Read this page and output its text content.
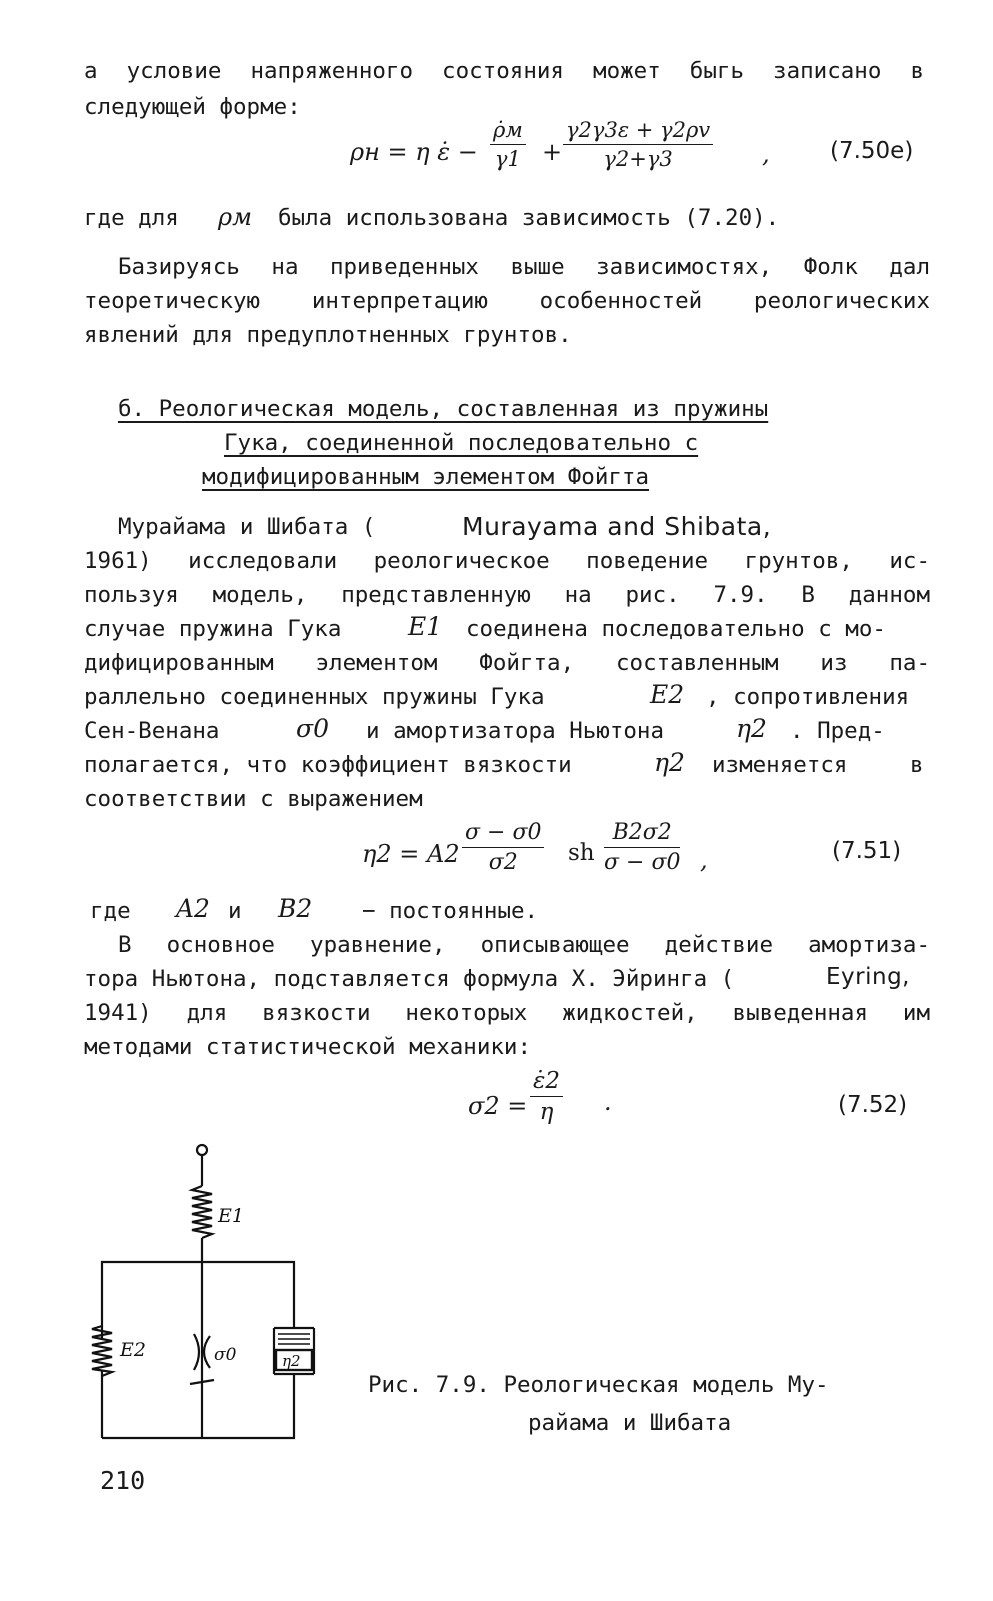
а условие напряженного состояния может быгь записано в
следующей форме:
ρн = η ε̇ −
ρ̇м
$\gamma 1 + \frac{\gamma 2\gamma 3\varepsilon + \gamma 2\rho v}{\gamma 2+\gamma 3}$ ,	(7.50е)
где для ρм была использована зависимость (7.20).
Базируясь на приведенных выше зависимостях, Фолк дал
теоретическую интерпретацию особенностей реологических
явлений для предуплотненных грунтов.
б. Реологическая модель, составленная из пружины
Гука, соединенной последовательно с
модифицированным элементом Фойгта
Мурайама и Шибата (	Murayama and Shibata,
1961) исследовали реологическое поведение грунтов, ис-
пользуя модель, представленную на рис. 7.9. В данном
случае пружина Гука	E1 соединена последовательно с мо-
дифицированным элементом Фойгта, составленным из па-
раллельно соединенных пружины Гука	E2 , сопротивления
Сен-Венана	σ0 и амортизатора Ньютона	η2 . Пред-
полагается, что коэффициент вязкости	η2 изменяется	в
соответствии с выражением
$\eta 2 = A2 \frac{\sigma - \sigma 0}{\sigma 2}$ sh $\frac{B2\sigma 2}{\sigma - \sigma 0}$ ,	(7.51)
где A2 и B2 − постоянные.
В основное уравнение, описывающее действие амортиза-
тора Ньютона, подставляется формула Х. Эйринга (	Eyring,
1941) для вязкости некоторых жидкостей, выведенная им
методами статистической механики:
$\sigma 2 = \frac{\varepsiloṅ2}{\eta}$ .	(7.52)
E1
E2	σ0	η2
Рис. 7.9. Реологическая модель Му-
райама и Шибата
210
